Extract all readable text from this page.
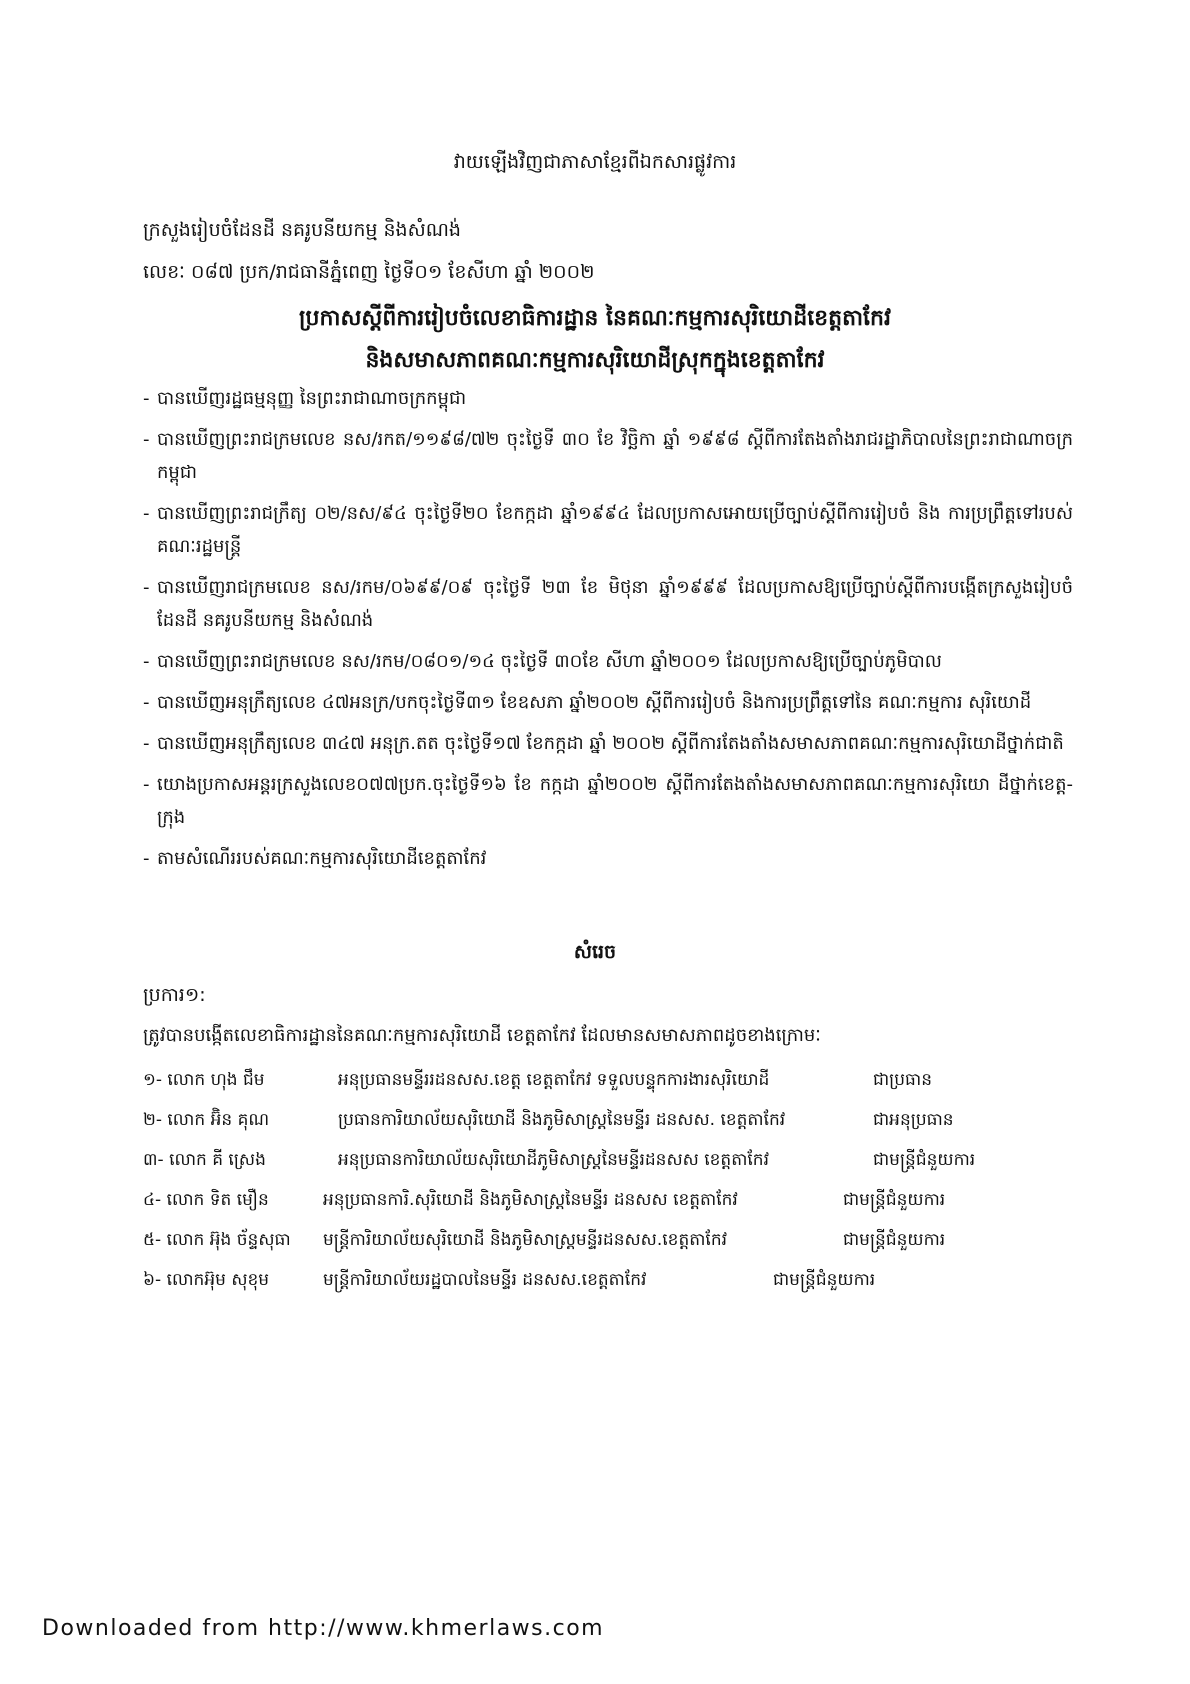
វាយឡើងវិញជាភាសាខ្មែរពីឯកសារផ្លូវការ
ក្រសួងរៀបចំដែនដី នគរូបនីយកម្ម និងសំណង់
លេខៈ ០៨៧ ប្រក/រាជធានីភ្នំពេញ ថ្ងៃទី០១ ខែសីហា ឆ្នាំ ២០០២
ប្រកាសស្តីពីការរៀបចំលេខាធិការដ្ឋាន នៃគណៈកម្មការសុរិយោដីខេត្តតាកែវ
និងសមាសភាពគណៈកម្មការសុរិយោដីស្រុកក្នុងខេត្តតាកែវ
- បានឃើញរដ្ឋធម្មនុញ្ញ នៃព្រះរាជាណាចក្រកម្ពុជា
- បានឃើញព្រះរាជក្រមលេខ នស/រកត/១១៩៨/៧២ ចុះថ្ងៃទី ៣០ ខែ វិច្ឆិកា ឆ្នាំ ១៩៩៨ ស្តីពីការតែងតាំងរាជរដ្ឋាភិបាលនៃព្រះរាជាណាចក្រកម្ពុជា
- បានឃើញព្រះរាជក្រឹត្យ ០២/នស/៩៤ ចុះថ្ងៃទី២០ ខែកក្កដា ឆ្នាំ១៩៩៤ ដែលប្រកាសអោយប្រើច្បាប់ស្តីពីការរៀបចំ និង ការប្រព្រឹត្តទៅរបស់គណៈរដ្ឋមន្ត្រី
- បានឃើញរាជក្រមលេខ នស/រកម/០៦៩៩/០៩ ចុះថ្ងៃទី ២៣ ខែ មិថុនា ឆ្នាំ១៩៩៩ ដែលប្រកាសឱ្យប្រើច្បាប់ស្តីពីការបង្កើតក្រសួងរៀបចំដែនដី នគរូបនីយកម្ម និងសំណង់
- បានឃើញព្រះរាជក្រមលេខ នស/រកម/០៨០១/១៤ ចុះថ្ងៃទី ៣០ខែ សីហា ឆ្នាំ២០០១ ដែលប្រកាសឱ្យប្រើច្បាប់ភូមិបាល
- បានឃើញអនុក្រឹត្យលេខ ៤៧អនក្រ/បកចុះថ្ងៃទី៣១ ខែឧសភា ឆ្នាំ២០០២ ស្តីពីការរៀបចំ និងការប្រព្រឹត្តទៅនៃ គណៈកម្មការ សុរិយោដី
- បានឃើញអនុក្រឹត្យលេខ ៣៤៧ អនុក្រ.តត ចុះថ្ងៃទី១៧ ខែកក្កដា ឆ្នាំ ២០០២ ស្តីពីការតែងតាំងសមាសភាពគណៈកម្មការសុរិយោដីថ្នាក់ជាតិ
- យោងប្រកាសអន្តរក្រសួងលេខ០៧៧ប្រក.ចុះថ្ងៃទី១៦ ខែ កក្កដា ឆ្នាំ២០០២ ស្តីពីការតែងតាំងសមាសភាពគណៈកម្មការសុរិយោ ដីថ្នាក់ខេត្ត-ក្រុង
- តាមសំណើររបស់គណៈកម្មការសុរិយោដីខេត្តតាកែវ
សំរេច
ប្រការ១:
ត្រូវបានបង្កើតលេខាធិការដ្ឋាននៃគណៈកម្មការសុរិយោដី ខេត្តតាកែវ ដែលមានសមាសភាពដូចខាងក្រោមៈ
១- លោក ហុង ជឹម	អនុប្រធានមន្ទីររដនសស.ខេត្ត ខេត្តតាកែវ ទទួលបន្ទុកការងារសុរិយោដី	ជាប្រធាន
២- លោក អ៊ិន គុណ	ប្រធានការិយាល័យសុរិយោដី និងភូមិសាស្ត្រនៃមន្ទីរ ដនសស. ខេត្តតាកែវ	ជាអនុប្រធាន
៣- លោក គី ស្រេង	អនុប្រធានការិយាល័យសុរិយោដីភូមិសាស្ត្រនៃមន្ទីរដនសស ខេត្តតាកែវ	ជាមន្ត្រីជំនួយការ
៤- លោក ទិត មឿន	អនុប្រធានការិ.សុរិយោដី និងភូមិសាស្ត្រនៃមន្ទីរ ដនសស ខេត្តតាកែវ	ជាមន្ត្រីជំនួយការ
៥- លោក អ៊ុង ច័ន្ទសុធា មន្ត្រីការិយាល័យសុរិយោដី និងភូមិសាស្ត្រមន្ទីរដនសស.ខេត្តតាកែវ	ជាមន្ត្រីជំនួយការ
៦- លោកអ៊ុម សុខុម	មន្ត្រីការិយាល័យរដ្ឋបាលនៃមន្ទីរ ដនសស.ខេត្តតាកែវ	ជាមន្ត្រីជំនួយការ
Downloaded from http://www.khmerlaws.com
